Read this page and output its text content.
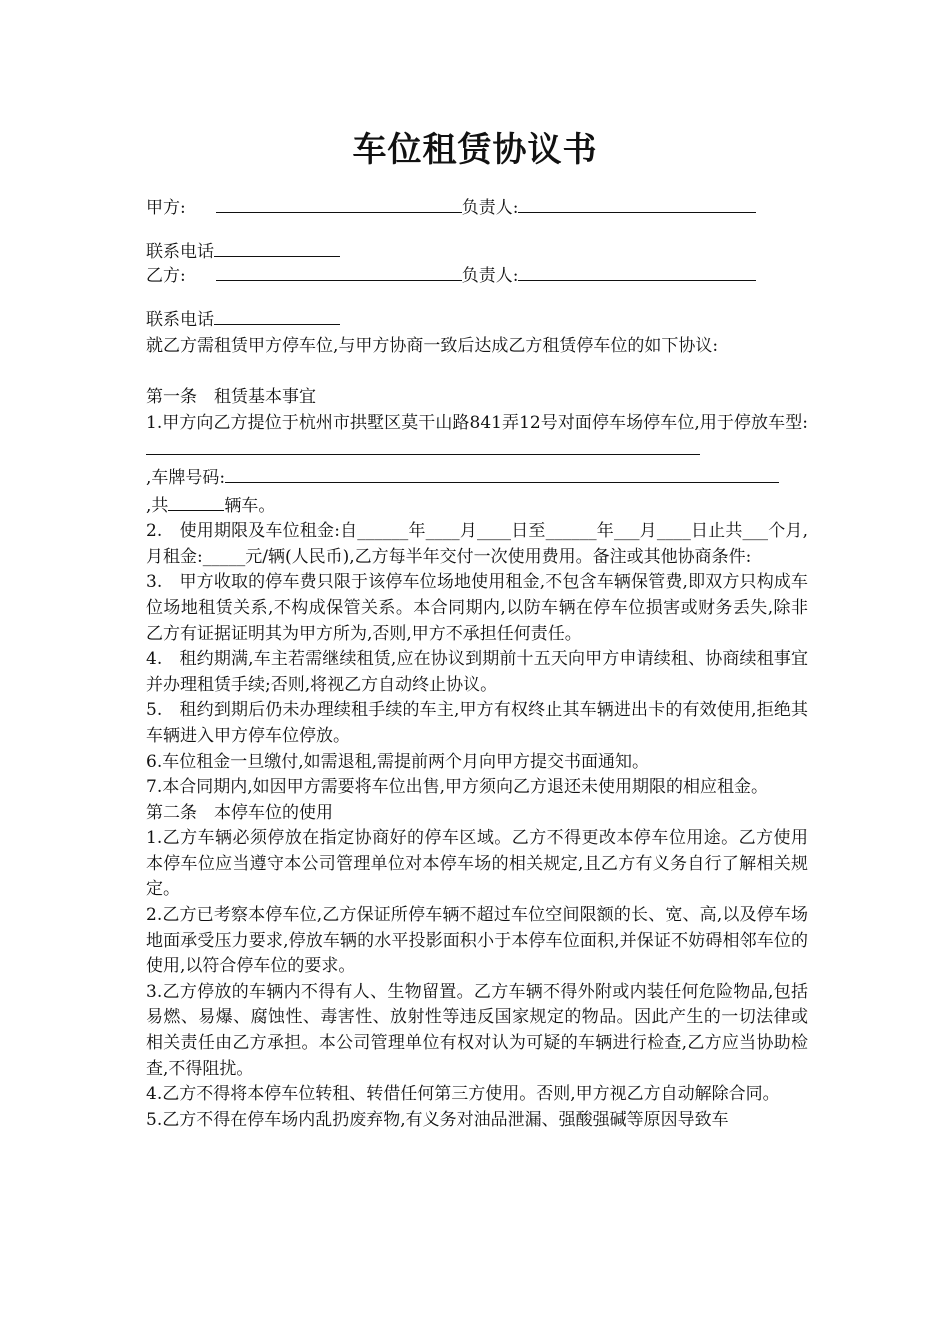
车位租赁协议书
甲方:	负责人:
联系电话
乙方:	负责人:
联系电话

就乙方需租赁甲方停车位,与甲方协商一致后达成乙方租赁停车位的如下协议:

第一条　租赁基本事宜

1.甲方向乙方提位于杭州市拱墅区莫干山路841弄12号对面停车场停车位,用于停放车型:

,车牌号码:

,共	辆车。

2.　使用期限及车位租金:自______年____月____日至______年___月____日止共___个月,月租金:_____元/辆(人民币),乙方每半年交付一次使用费用。备注或其他协商条件:

3.　甲方收取的停车费只限于该停车位场地使用租金,不包含车辆保管费,即双方只构成车位场地租赁关系,不构成保管关系。本合同期内,以防车辆在停车位损害或财务丢失,除非乙方有证据证明其为甲方所为,否则,甲方不承担任何责任。

4.　租约期满,车主若需继续租赁,应在协议到期前十五天向甲方申请续租、协商续租事宜并办理租赁手续;否则,将视乙方自动终止协议。

5.　租约到期后仍未办理续租手续的车主,甲方有权终止其车辆进出卡的有效使用,拒绝其车辆进入甲方停车位停放。

6.车位租金一旦缴付,如需退租,需提前两个月向甲方提交书面通知。

7.本合同期内,如因甲方需要将车位出售,甲方须向乙方退还未使用期限的相应租金。

第二条　本停车位的使用

1.乙方车辆必须停放在指定协商好的停车区域。乙方不得更改本停车位用途。乙方使用本停车位应当遵守本公司管理单位对本停车场的相关规定,且乙方有义务自行了解相关规定。

2.乙方已考察本停车位,乙方保证所停车辆不超过车位空间限额的长、宽、高,以及停车场地面承受压力要求,停放车辆的水平投影面积小于本停车位面积,并保证不妨碍相邻车位的使用,以符合停车位的要求。

3.乙方停放的车辆内不得有人、生物留置。乙方车辆不得外附或内装任何危险物品,包括易燃、易爆、腐蚀性、毒害性、放射性等违反国家规定的物品。因此产生的一切法律或相关责任由乙方承担。本公司管理单位有权对认为可疑的车辆进行检查,乙方应当协助检查,不得阻扰。

4.乙方不得将本停车位转租、转借任何第三方使用。否则,甲方视乙方自动解除合同。

5.乙方不得在停车场内乱扔废弃物,有义务对油品泄漏、强酸强碱等原因导致车
